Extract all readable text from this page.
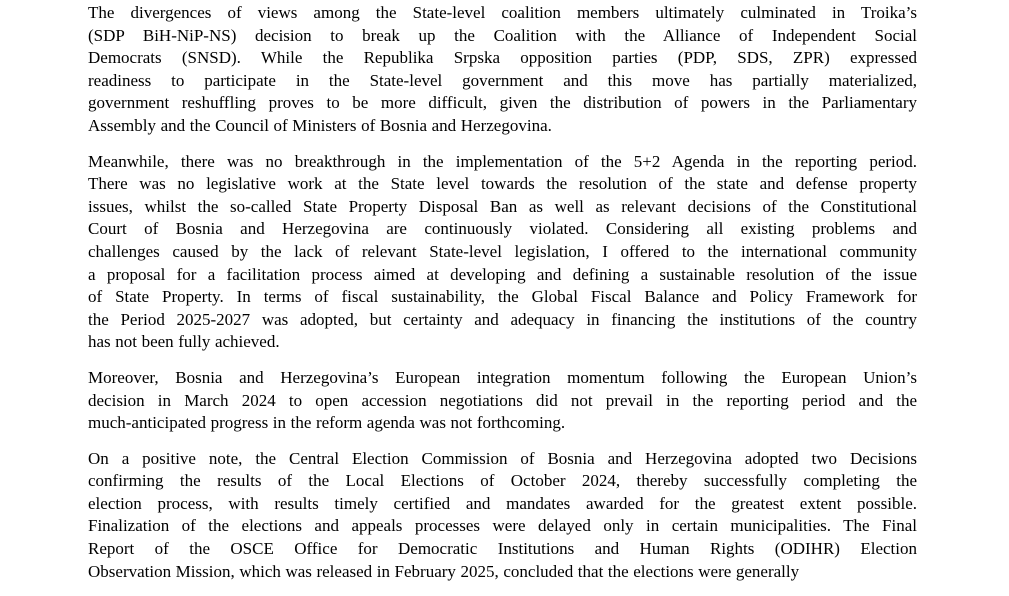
The divergences of views among the State-level coalition members ultimately culminated in Troika’s
(SDP BiH-NiP-NS) decision to break up the Coalition with the Alliance of Independent Social
Democrats (SNSD). While the Republika Srpska opposition parties (PDP, SDS, ZPR) expressed
readiness to participate in the State-level government and this move has partially materialized,
government reshuffling proves to be more difficult, given the distribution of powers in the Parliamentary
Assembly and the Council of Ministers of Bosnia and Herzegovina.

Meanwhile, there was no breakthrough in the implementation of the 5+2 Agenda in the reporting period.
There was no legislative work at the State level towards the resolution of the state and defense property
issues, whilst the so-called State Property Disposal Ban as well as relevant decisions of the Constitutional
Court of Bosnia and Herzegovina are continuously violated. Considering all existing problems and
challenges caused by the lack of relevant State-level legislation, I offered to the international community
a proposal for a facilitation process aimed at developing and defining a sustainable resolution of the issue
of State Property. In terms of fiscal sustainability, the Global Fiscal Balance and Policy Framework for
the Period 2025-2027 was adopted, but certainty and adequacy in financing the institutions of the country
has not been fully achieved.

Moreover, Bosnia and Herzegovina’s European integration momentum following the European Union’s
decision in March 2024 to open accession negotiations did not prevail in the reporting period and the
much-anticipated progress in the reform agenda was not forthcoming.

On a positive note, the Central Election Commission of Bosnia and Herzegovina adopted two Decisions
confirming the results of the Local Elections of October 2024, thereby successfully completing the
election process, with results timely certified and mandates awarded for the greatest extent possible.
Finalization of the elections and appeals processes were delayed only in certain municipalities. The Final
Report of the OSCE Office for Democratic Institutions and Human Rights (ODIHR) Election
Observation Mission, which was released in February 2025, concluded that the elections were generally
